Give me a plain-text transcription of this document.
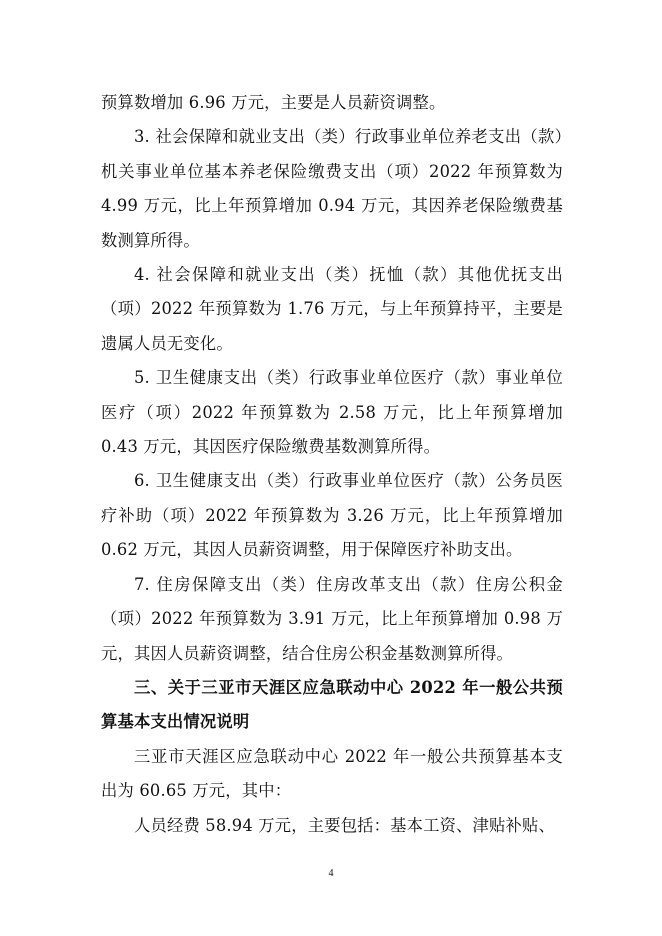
预算数增加 6.96 万元，主要是人员薪资调整。

3. 社会保障和就业支出（类）行政事业单位养老支出（款）机关事业单位基本养老保险缴费支出（项）2022 年预算数为 4.99 万元，比上年预算增加 0.94 万元，其因养老保险缴费基数测算所得。

4. 社会保障和就业支出（类）抚恤（款）其他优抚支出（项）2022 年预算数为 1.76 万元，与上年预算持平，主要是遗属人员无变化。

5. 卫生健康支出（类）行政事业单位医疗（款）事业单位医疗（项）2022 年预算数为 2.58 万元，比上年预算增加 0.43 万元，其因医疗保险缴费基数测算所得。

6. 卫生健康支出（类）行政事业单位医疗（款）公务员医疗补助（项）2022 年预算数为 3.26 万元，比上年预算增加 0.62 万元，其因人员薪资调整，用于保障医疗补助支出。

7. 住房保障支出（类）住房改革支出（款）住房公积金（项）2022 年预算数为 3.91 万元，比上年预算增加 0.98 万元，其因人员薪资调整，结合住房公积金基数测算所得。

三、关于三亚市天涯区应急联动中心 2022 年一般公共预算基本支出情况说明

三亚市天涯区应急联动中心 2022 年一般公共预算基本支出为 60.65 万元，其中：

人员经费 58.94 万元，主要包括：基本工资、津贴补贴、

4
